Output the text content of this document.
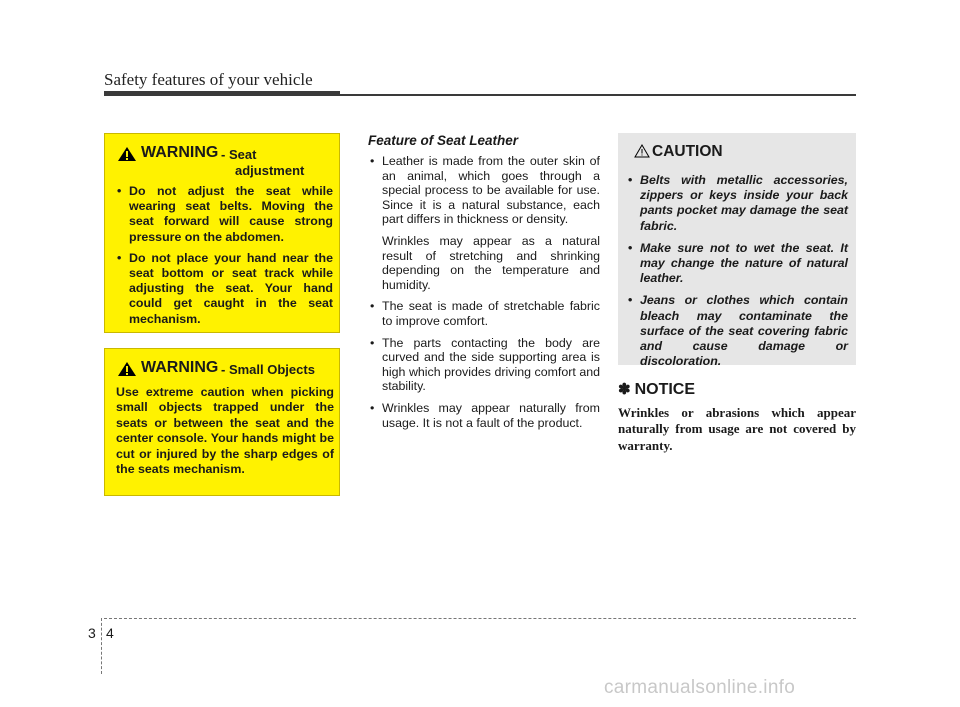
Safety features of your vehicle
WARNING - Seat
adjustment
• Do not adjust the seat while wearing seat belts. Moving the seat forward will cause strong pressure on the abdomen.
• Do not place your hand near the seat bottom or seat track while adjusting the seat. Your hand could get caught in the seat mechanism.
WARNING - Small Objects

Use extreme caution when picking small objects trapped under the seats or between the seat and the center console. Your hands might be cut or injured by the sharp edges of the seats mechanism.

Feature of Seat Leather

• Leather is made from the outer skin of an animal, which goes through a special process to be available for use. Since it is a natural substance, each part differs in thickness or density.
Wrinkles may appear as a natural result of stretching and shrinking depending on the temperature and humidity.
• The seat is made of stretchable fabric to improve comfort.
• The parts contacting the body are curved and the side supporting area is high which provides driving comfort and stability.
• Wrinkles may appear naturally from usage. It is not a fault of the product.
CAUTION
• Belts with metallic accessories, zippers or keys inside your back pants pocket may damage the seat fabric.
• Make sure not to wet the seat. It may change the nature of natural leather.
• Jeans or clothes which contain bleach may contaminate the surface of the seat covering fabric and cause damage or discoloration.

✽ NOTICE

Wrinkles or abrasions which appear naturally from usage are not covered by warranty.

3 4
carmanualsonline.info
